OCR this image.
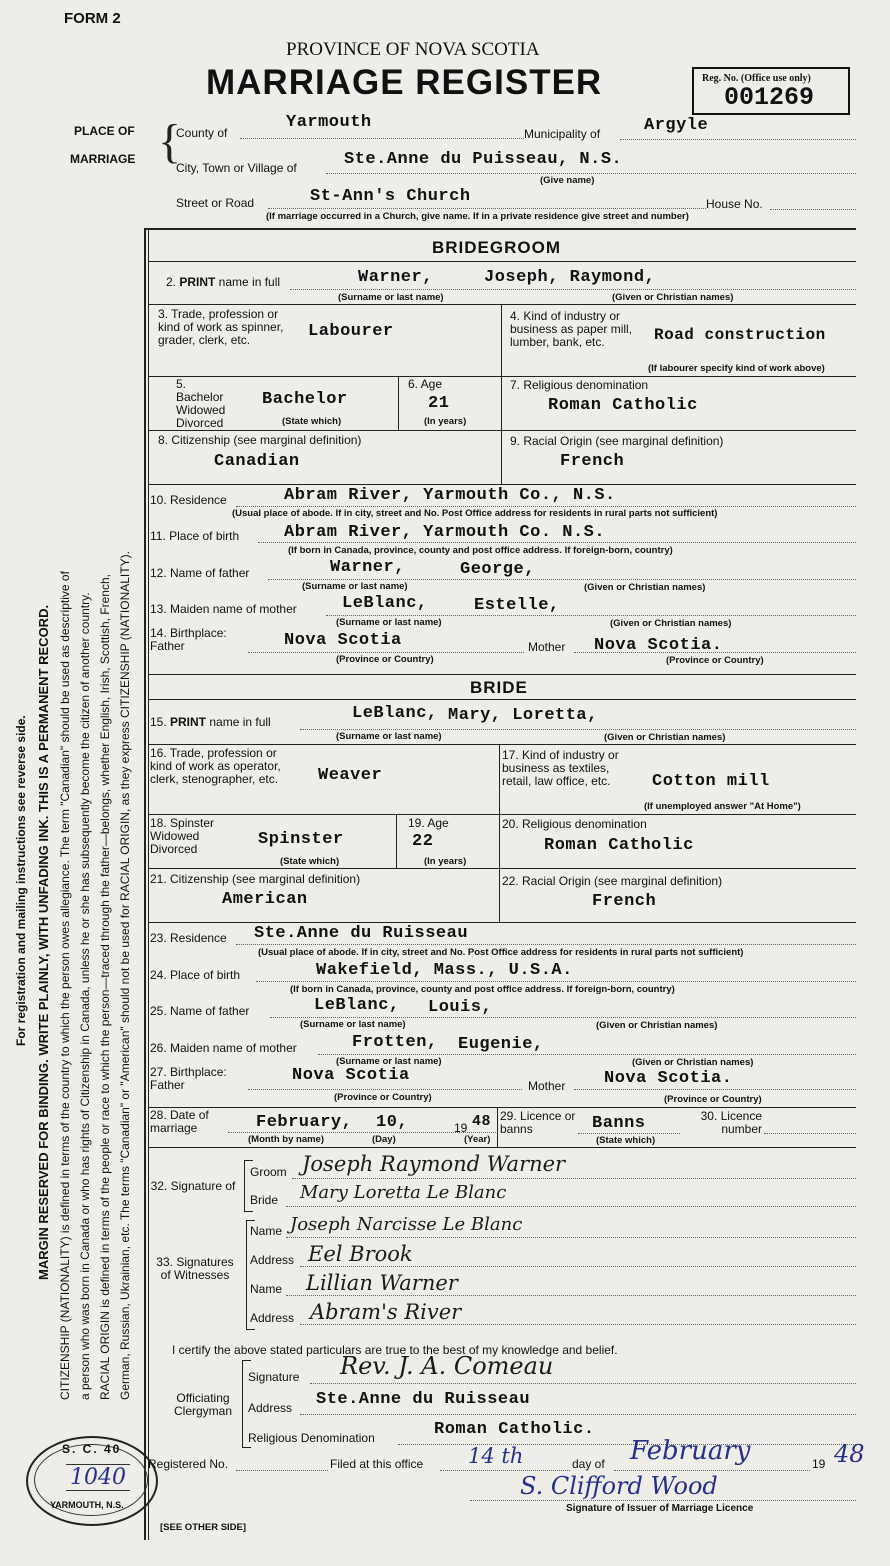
FORM 2
PROVINCE OF NOVA SCOTIA
MARRIAGE REGISTER	Reg. No. (Office use only)
001269
PLACE OF
MARRIAGE {
County of
Yarmouth
Municipality of	Argyle
City, Town or Village of	Ste.Anne du Puisseau, N.S.
(Give name)
Street or Road	St-Ann's Church	House No.
(If marriage occurred in a Church, give name. If in a private residence give street and number)
For registration and mailing instructions see reverse side. MARGIN RESERVED FOR BINDING. WRITE PLAINLY, WITH UNFADING INK. THIS IS A PERMANENT RECORD. CITIZENSHIP (NATIONALITY) is defined in terms of the country to which the person owes allegiance. The term "Canadian" should be used as descriptive of a person who was born in Canada or who has rights of Citizenship in Canada, unless he or she has subsequently become the citizen of another country. RACIAL ORIGIN is defined in terms of the people or race to which the person—traced through the father—belongs, whether English, Irish, Scottish, French, German, Russian, Ukrainian, etc. The terms "Canadian" or "American" should not be used for RACIAL ORIGIN, as they express CITIZENSHIP (NATIONALITY).
BRIDEGROOM
2. PRINT name in full	Warner,	Joseph, Raymond,
(Surname or last name)	(Given or Christian names)
3. Trade, profession or kind of work as spinner, grader, clerk, etc.	Labourer
4. Kind of industry or business as paper mill, lumber, bank, etc.	Road construction
(If labourer specify kind of work above)
5. Bachelor Widowed Divorced
Bachelor
(State which)
6. Age
21
(In years)
7. Religious denomination
Roman Catholic
8. Citizenship (see marginal definition)
Canadian
9. Racial Origin (see marginal definition)
French
10. Residence	Abram River, Yarmouth Co., N.S.
(Usual place of abode. If in city, street and No. Post Office address for residents in rural parts not sufficient)
11. Place of birth	Abram River, Yarmouth Co. N.S.
(If born in Canada, province, county and post office address. If foreign-born, country)
12. Name of father	Warner,	George,
(Surname or last name)	(Given or Christian names)
13. Maiden name of mother	LeBlanc,	Estelle,
(Surname or last name)	(Given or Christian names)
14. Birthplace: Father	Nova Scotia	Mother Nova Scotia.
(Province or Country)	(Province or Country)
BRIDE
15. PRINT name in full	LeBlanc, Mary, Loretta,
(Surname or last name)	(Given or Christian names)
16. Trade, profession or kind of work as operator, clerk, stenographer, etc.	Weaver
17. Kind of industry or business as textiles, retail, law office, etc.	Cotton mill
(If unemployed answer "At Home")
18. Spinster Widowed Divorced	Spinster
(State which)
19. Age
22
(In years)
20. Religious denomination
Roman Catholic
21. Citizenship (see marginal definition)
American
22. Racial Origin (see marginal definition)
French
23. Residence Ste.Anne du Ruisseau
(Usual place of abode. If in city, street and No. Post Office address for residents in rural parts not sufficient)
24. Place of birth	Wakefield, Mass., U.S.A.
(If born in Canada, province, county and post office address. If foreign-born, country)
25. Name of father	LeBlanc, Louis,
(Surname or last name)	(Given or Christian names)
26. Maiden name of mother	Frotten, Eugenie,
(Surname or last name)	(Given or Christian names)
27. Birthplace: Father	Nova Scotia
Mother Nova Scotia.
(Province or Country)	(Province or Country)
28. Date of marriage	February, 10,	19 48
(Month by name)	(Day)	(Year)
29. Licence or banns	Banns
(State which)
30. Licence number
32. Signature of
Groom Joseph Raymond Warner
Bride Mary Loretta Le Blanc
33. Signatures of Witnesses
Name Joseph Narcisse Le Blanc
Address Eel Brook
Name Lillian Warner
Address Abram's River
I certify the above stated particulars are true to the best of my knowledge and belief.
Officiating Clergyman
Signature Rev. J. A. Comeau
Address Ste.Anne du Ruisseau
Religious Denomination	Roman Catholic.
Registered No.	Filed at this office 14 th	day of February	19 48
S. Clifford Wood
Signature of Issuer of Marriage Licence
[SEE OTHER SIDE]
S. C. 40
1040
YARMOUTH, N.S.
